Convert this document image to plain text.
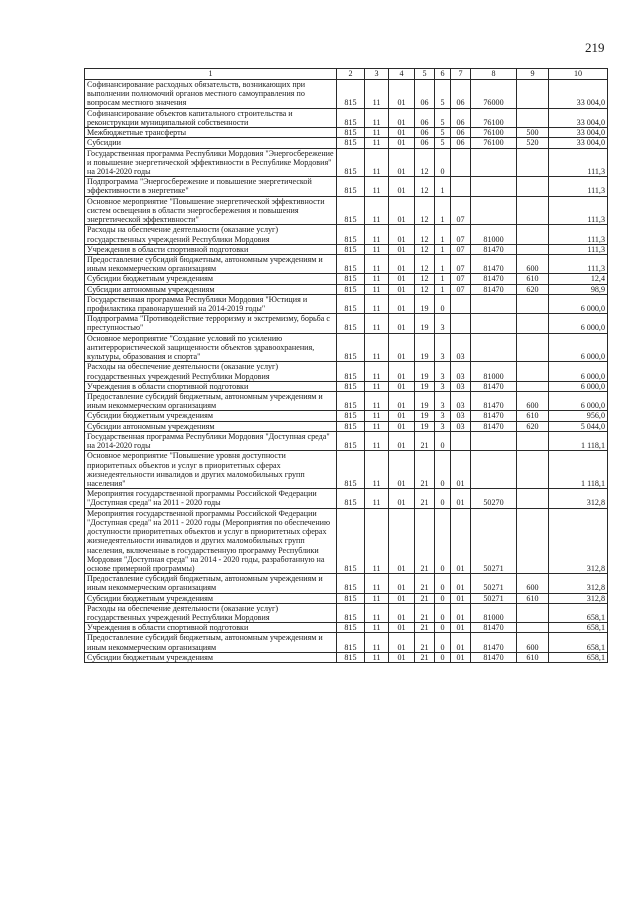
219
1	2	3	4	5	6	7	8	9	10
Софинансирование расходных обязательств, возникающих при выполнении полномочий органов местного самоуправления по вопросам местного значения	815	11	01	06	5	06	76000		33 004,0
Софинансирование объектов капитального строительства и реконструкции муниципальной собственности	815	11	01	06	5	06	76100		33 004,0
Межбюджетные трансферты	815	11	01	06	5	06	76100	500	33 004,0
Субсидии	815	11	01	06	5	06	76100	520	33 004,0
Государственная программа Республики Мордовия "Энергосбережение и повышение энергетической эффективности в Республике Мордовия" на 2014-2020 годы	815	11	01	12	0				111,3
Подпрограмма "Энергосбережение и повышение энергетической эффективности в энергетике"	815	11	01	12	1				111,3
Основное мероприятие "Повышение энергетической эффективности систем освещения в области энергосбережения и повышения энергетической эффективности"	815	11	01	12	1	07			111,3
Расходы на обеспечение деятельности (оказание услуг) государственных учреждений Республики Мордовия	815	11	01	12	1	07	81000		111,3
Учреждения в области спортивной подготовки	815	11	01	12	1	07	81470		111,3
Предоставление субсидий бюджетным, автономным учреждениям и иным некоммерческим организациям	815	11	01	12	1	07	81470	600	111,3
Субсидии бюджетным учреждениям	815	11	01	12	1	07	81470	610	12,4
Субсидии автономным учреждениям	815	11	01	12	1	07	81470	620	98,9
Государственная программа Республики Мордовия "Юстиция и профилактика правонарушений на 2014-2019 годы"	815	11	01	19	0				6 000,0
Подпрограмма "Противодействие терроризму и экстремизму, борьба с преступностью"	815	11	01	19	3				6 000,0
Основное мероприятие "Создание условий по усилению антитеррористической защищенности объектов здравоохранения, культуры, образования и спорта"	815	11	01	19	3	03			6 000,0
Расходы на обеспечение деятельности (оказание услуг) государственных учреждений Республики Мордовия	815	11	01	19	3	03	81000		6 000,0
Учреждения в области спортивной подготовки	815	11	01	19	3	03	81470		6 000,0
Предоставление субсидий бюджетным, автономным учреждениям и иным некоммерческим организациям	815	11	01	19	3	03	81470	600	6 000,0
Субсидии бюджетным учреждениям	815	11	01	19	3	03	81470	610	956,0
Субсидии автономным учреждениям	815	11	01	19	3	03	81470	620	5 044,0
Государственная программа Республики Мордовия "Доступная среда" на 2014-2020 годы	815	11	01	21	0				1 118,1
Основное мероприятие "Повышение уровня доступности приоритетных объектов и услуг в приоритетных сферах жизнедеятельности инвалидов и других маломобильных групп населения"	815	11	01	21	0	01			1 118,1
Мероприятия государственной программы Российской Федерации "Доступная среда" на 2011 - 2020 годы	815	11	01	21	0	01	50270		312,8
Мероприятия государственной программы Российской Федерации "Доступная среда" на 2011 - 2020 годы (Мероприятия по обеспечению доступности приоритетных объектов и услуг в приоритетных сферах жизнедеятельности инвалидов и других маломобильных групп населения, включенные в государственную программу Республики Мордовия "Доступная среда" на 2014 - 2020 годы, разработанную на основе примерной программы)	815	11	01	21	0	01	50271		312,8
Предоставление субсидий бюджетным, автономным учреждениям и иным некоммерческим организациям	815	11	01	21	0	01	50271	600	312,8
Субсидии бюджетным учреждениям	815	11	01	21	0	01	50271	610	312,8
Расходы на обеспечение деятельности (оказание услуг) государственных учреждений Республики Мордовия	815	11	01	21	0	01	81000		658,1
Учреждения в области спортивной подготовки	815	11	01	21	0	01	81470		658,1
Предоставление субсидий бюджетным, автономным учреждениям и иным некоммерческим организациям	815	11	01	21	0	01	81470	600	658,1
Субсидии бюджетным учреждениям	815	11	01	21	0	01	81470	610	658,1
